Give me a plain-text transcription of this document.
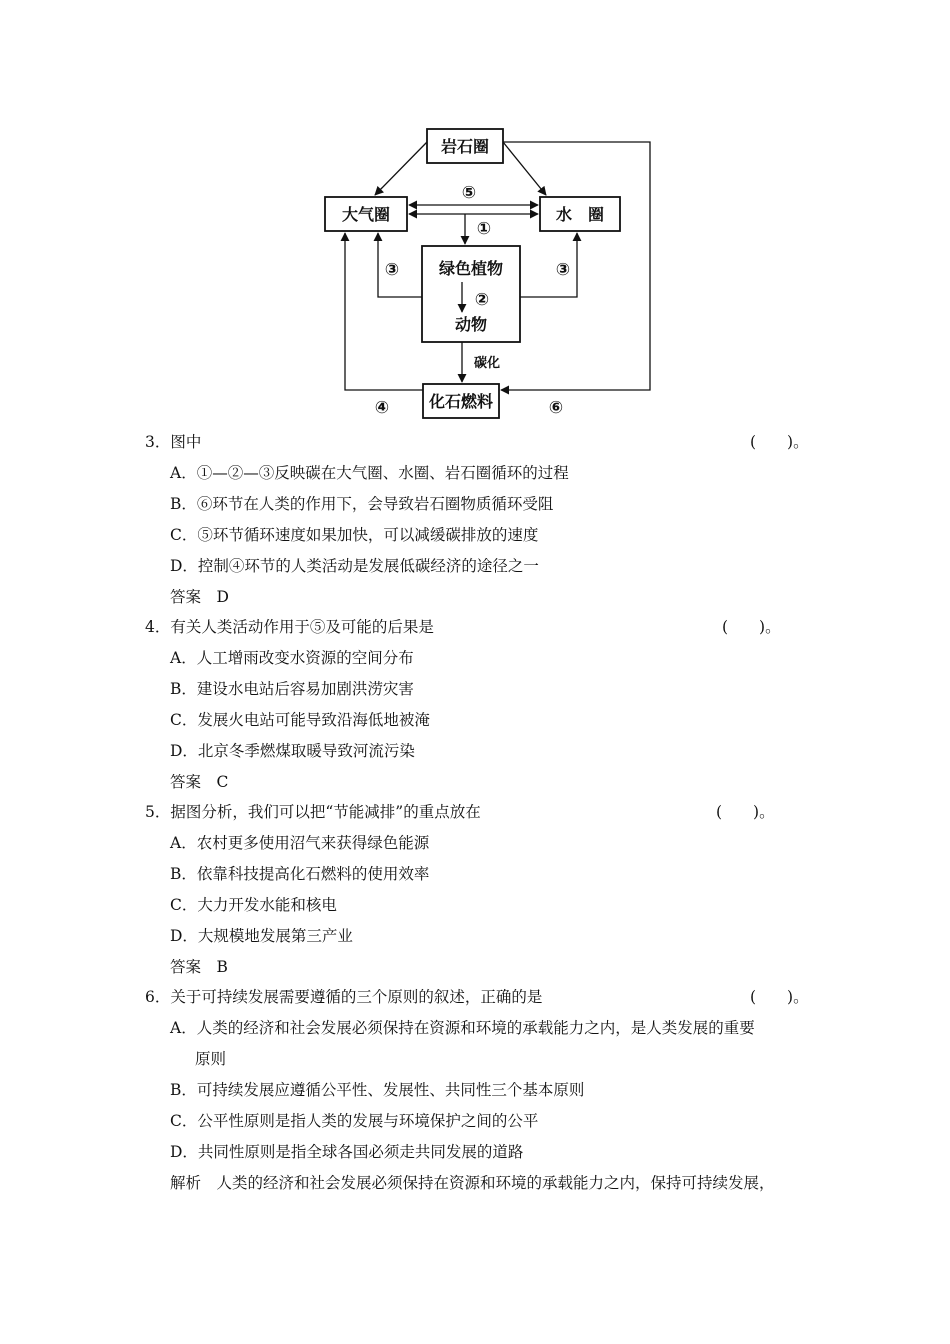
岩石圈
大气圈	水　圈
绿色植物
动物
化石燃料
⑤
①
②
③	③
碳化
④	⑥
3．图中	(　　)。
A．①—②—③反映碳在大气圈、水圈、岩石圈循环的过程
B．⑥环节在人类的作用下，会导致岩石圈物质循环受阻
C．⑤环节循环速度如果加快，可以减缓碳排放的速度
D．控制④环节的人类活动是发展低碳经济的途径之一
答案　D
4．有关人类活动作用于⑤及可能的后果是	(　　)。
A．人工增雨改变水资源的空间分布
B．建设水电站后容易加剧洪涝灾害
C．发展火电站可能导致沿海低地被淹
D．北京冬季燃煤取暖导致河流污染
答案　C
5．据图分析，我们可以把“节能减排”的重点放在	(　　)。
A．农村更多使用沼气来获得绿色能源
B．依靠科技提高化石燃料的使用效率
C．大力开发水能和核电
D．大规模地发展第三产业
答案　B
6．关于可持续发展需要遵循的三个原则的叙述，正确的是	(　　)。
A．人类的经济和社会发展必须保持在资源和环境的承载能力之内，是人类发展的重要
原则
B．可持续发展应遵循公平性、发展性、共同性三个基本原则
C．公平性原则是指人类的发展与环境保护之间的公平
D．共同性原则是指全球各国必须走共同发展的道路
解析　人类的经济和社会发展必须保持在资源和环境的承载能力之内，保持可持续发展，
